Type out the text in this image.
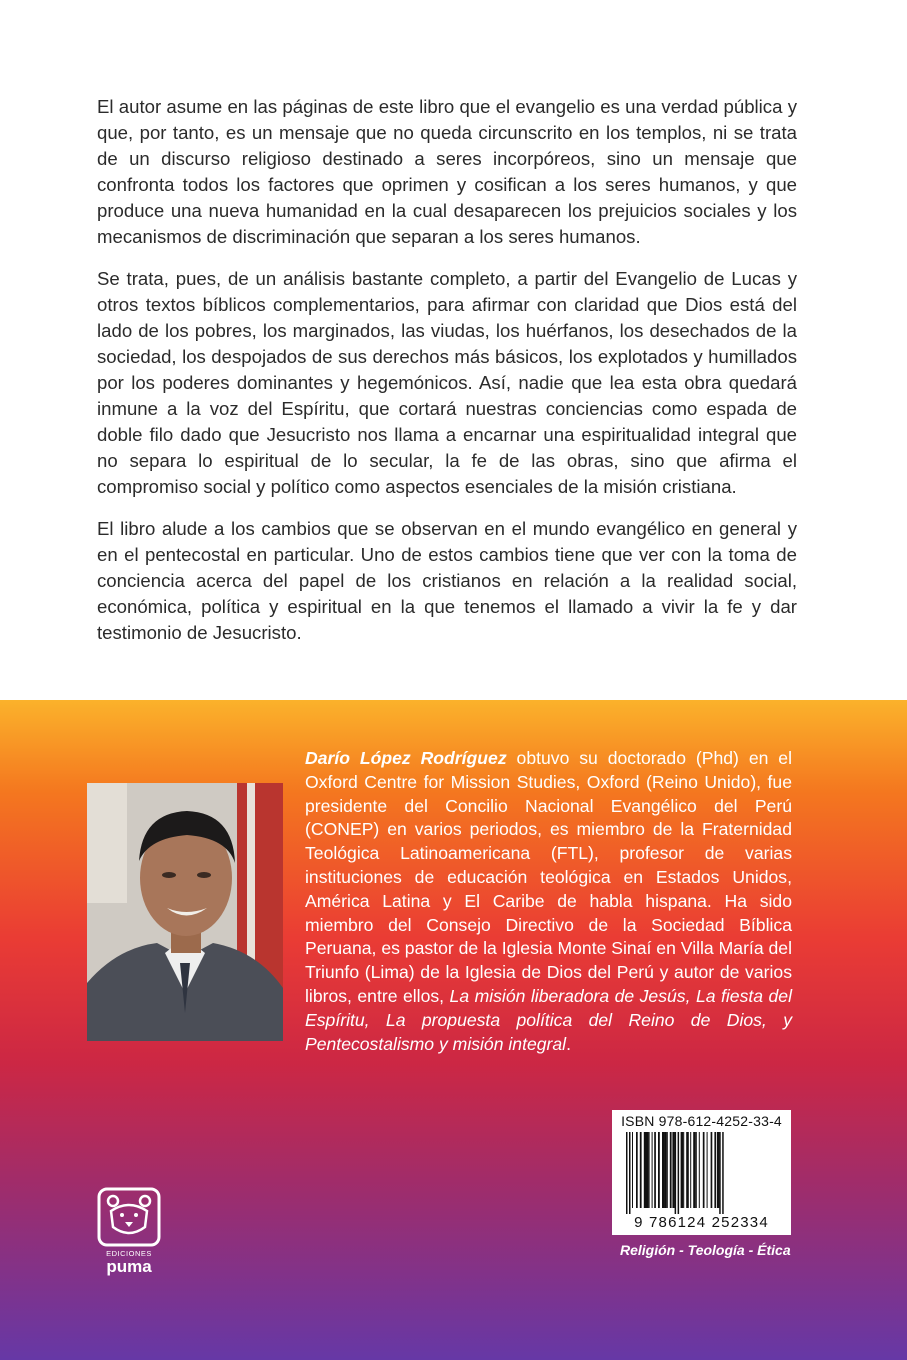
El autor asume en las páginas de este libro que el evangelio es una verdad pública y que, por tanto, es un mensaje que no queda circunscrito en los templos, ni se trata de un discurso religioso destinado a seres incorpóreos, sino un mensaje que confronta todos los factores que oprimen y cosifican a los seres humanos, y que produce una nueva humanidad en la cual desaparecen los prejuicios sociales y los mecanismos de discriminación que separan a los seres humanos.

Se trata, pues, de un análisis bastante completo, a partir del Evangelio de Lucas y otros textos bíblicos complementarios, para afirmar con claridad que Dios está del lado de los pobres, los marginados, las viudas, los huérfanos, los desechados de la sociedad, los despojados de sus derechos más básicos, los explotados y humillados por los poderes dominantes y hegemónicos. Así, nadie que lea esta obra quedará inmune a la voz del Espíritu, que cortará nuestras conciencias como espada de doble filo dado que Jesucristo nos llama a encarnar una espiritualidad integral que no separa lo espiritual de lo secular, la fe de las obras, sino que afirma el compromiso social y político como aspectos esenciales de la misión cristiana.

El libro alude a los cambios que se observan en el mundo evangélico en general y en el pentecostal en particular. Uno de estos cambios tiene que ver con la toma de conciencia acerca del papel de los cristianos en relación a la realidad social, económica, política y espiritual en la que tenemos el llamado a vivir la fe y dar testimonio de Jesucristo.

Darío López Rodríguez obtuvo su doctorado (Phd) en el Oxford Centre for Mission Studies, Oxford (Reino Unido), fue presidente del Concilio Nacional Evangélico del Perú (CONEP) en varios periodos, es miembro de la Fraternidad Teológica Latinoamericana (FTL), profesor de varias instituciones de educación teológica en Estados Unidos, América Latina y El Caribe de habla hispana. Ha sido miembro del Consejo Directivo de la Sociedad Bíblica Peruana, es pastor de la Iglesia Monte Sinaí en Villa María del Triunfo (Lima) de la Iglesia de Dios del Perú y autor de varios libros, entre ellos, La misión liberadora de Jesús, La fiesta del Espíritu, La propuesta política del Reino de Dios, y Pentecostalismo y misión integral.

ISBN 978-612-4252-33-4
9 786124 252334
Religión - Teología - Ética
EDICIONES
puma
